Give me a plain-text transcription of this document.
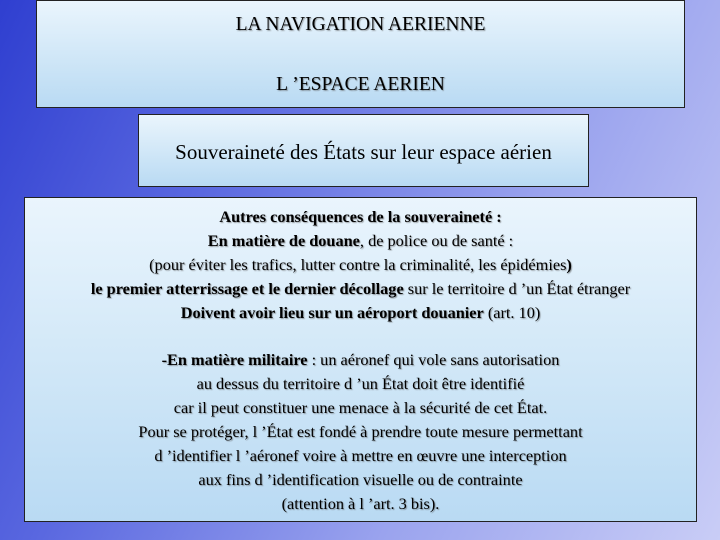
LA NAVIGATION AERIENNE
L ’ESPACE AERIEN
Souveraineté des États sur leur espace aérien
Autres conséquences de la souveraineté :
En matière de douane, de police ou de santé :
(pour éviter les trafics, lutter contre la criminalité, les épidémies)
le premier atterrissage et le dernier décollage sur le territoire d ’un État étranger
Doivent avoir lieu sur un aéroport douanier (art. 10)
-En matière militaire : un aéronef qui vole sans autorisation
au dessus du territoire d ’un État doit être identifié
car il peut constituer une menace à la sécurité de cet État.
Pour se protéger, l ’État est fondé à prendre toute mesure permettant
d ’identifier l ’aéronef voire à mettre en œuvre une interception
aux fins d ’identification visuelle ou de contrainte
(attention à l ’art. 3 bis).
